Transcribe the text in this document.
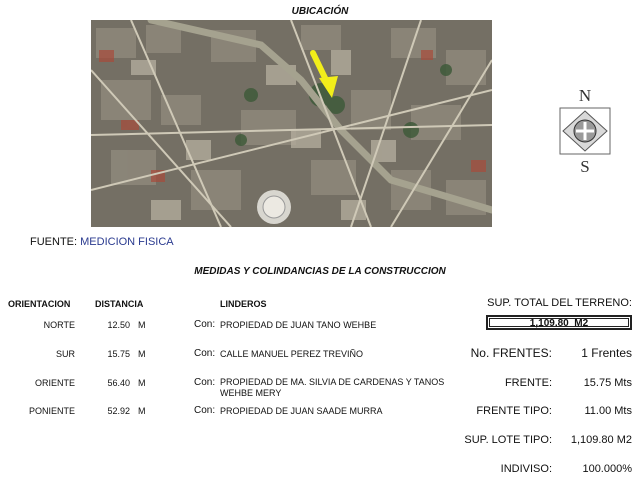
UBICACIÓN
N
S
FUENTE: MEDICION FISICA
MEDIDAS Y COLINDANCIAS DE LA CONSTRUCCION
ORIENTACION	DISTANCIA	LINDEROS
NORTE	12.50 M	Con: PROPIEDAD DE JUAN TANO WEHBE
SUR	15.75 M	Con: CALLE MANUEL PEREZ TREVIÑO
ORIENTE	56.40 M	Con: PROPIEDAD DE MA. SILVIA DE CARDENAS Y TANOS WEHBE MERY
PONIENTE	52.92 M	Con: PROPIEDAD DE JUAN SAADE MURRA
SUP. TOTAL DEL TERRENO:
1,109.80 M2
No. FRENTES:	1 Frentes
FRENTE:	15.75 Mts
FRENTE TIPO:	11.00 Mts
SUP. LOTE TIPO:	1,109.80 M2
INDIVISO:	100.000%
